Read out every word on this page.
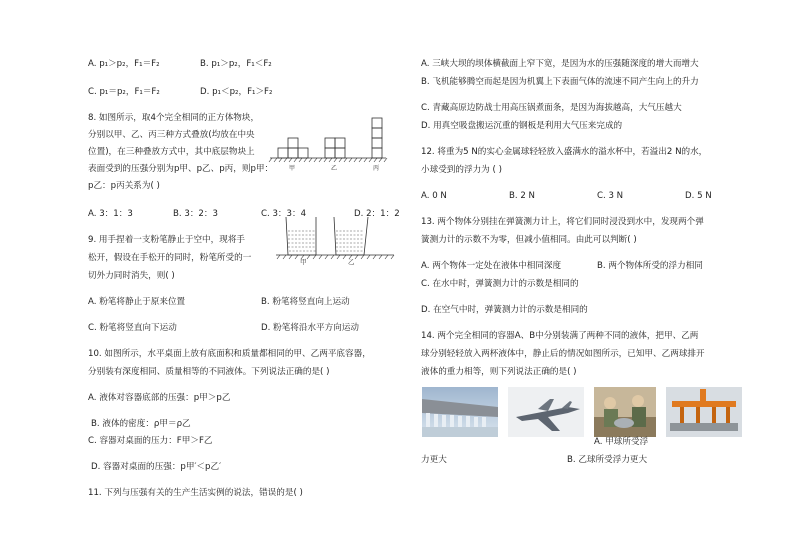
A. p₁＞p₂，F₁＝F₂	B. p₁＞p₂，F₁＜F₂
C. p₁＝p₂，F₁＝F₂	D. p₁＜p₂，F₁＞F₂
8. 如图所示，取4个完全相同的正方体物块，
分别以甲、乙、丙三种方式叠放(均放在中央
位置)，在三种叠放方式中，其中底层物块上
表面受到的压强分别为p甲、p乙、p丙，则p甲：
p乙：p丙关系为( )
甲	乙	丙
A. 3：1：3	B. 3：2：3	C. 3：3：4	D. 2：1：2
甲	乙
9. 用手捏着一支粉笔静止于空中，现将手
松开，假设在手松开的同时，粉笔所受的一
切外力同时消失，则( )
A. 粉笔将静止于原来位置	B. 粉笔将竖直向上运动
C. 粉笔将竖直向下运动	D. 粉笔将沿水平方向运动
10. 如图所示，水平桌面上放有底面积和质量都相同的甲、乙两平底容器，
分别装有深度相同、质量相等的不同液体。下列说法正确的是( )
A. 液体对容器底部的压强：p甲＞p乙
B. 液体的密度：ρ甲＝ρ乙
C. 容器对桌面的压力：F甲＞F乙
D. 容器对桌面的压强：p甲′＜p乙′
11. 下列与压强有关的生产生活实例的说法，错误的是( )
A. 三峡大坝的坝体横截面上窄下宽，是因为水的压强随深度的增大而增大
B. 飞机能够腾空而起是因为机翼上下表面气体的流速不同产生向上的升力
C. 青藏高原边防战士用高压锅煮面条，是因为海拔越高，大气压越大
D. 用真空吸盘搬运沉重的钢板是利用大气压来完成的
12. 将重为5 N的实心金属球轻轻放入盛满水的溢水杯中，若溢出2 N的水，
小球受到的浮力为 ( )
A. 0 N	B. 2 N	C. 3 N	D. 5 N
13. 两个物体分别挂在弹簧测力计上，将它们同时浸没到水中，发现两个弹
簧测力计的示数不为零，但减小值相同。由此可以判断( )
A. 两个物体一定处在液体中相同深度	B. 两个物体所受的浮力相同
C. 在水中时，弹簧测力计的示数是相同的
D. 在空气中时，弹簧测力计的示数是相同的
14. 两个完全相同的容器A、B中分别装满了两种不同的液体，把甲、乙两
球分别轻轻放入两杯液体中，静止后的情况如图所示，已知甲、乙两球排开
液体的重力相等，则下列说法正确的是( )
A. 甲球所受浮
力更大	B. 乙球所受浮力更大
